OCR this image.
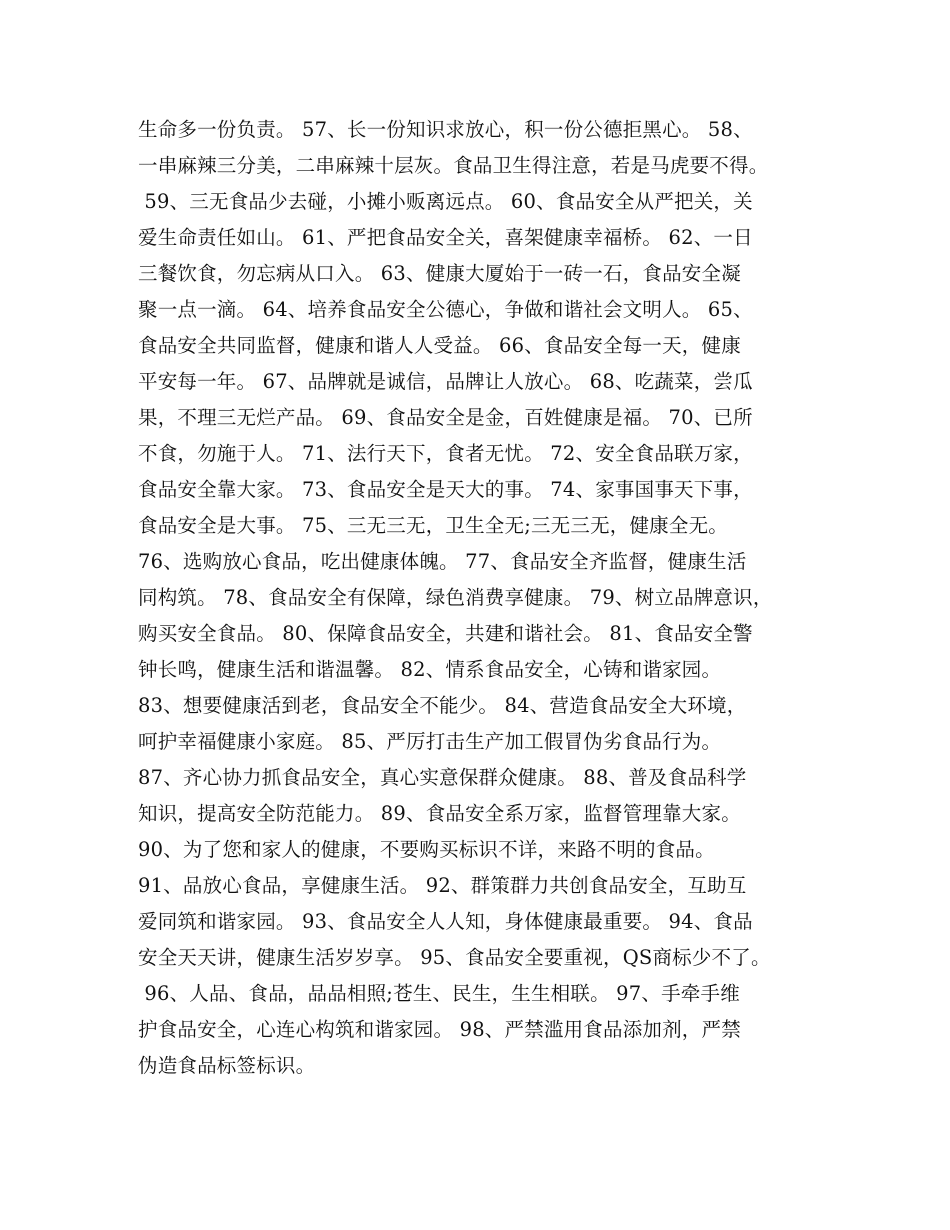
生命多一份负责。 57、长一份知识求放心，积一份公德拒黑心。 58、
一串麻辣三分美，二串麻辣十层灰。食品卫生得注意，若是马虎要不得。
59、三无食品少去碰，小摊小贩离远点。 60、食品安全从严把关，关
爱生命责任如山。 61、严把食品安全关，喜架健康幸福桥。 62、一日
三餐饮食，勿忘病从口入。 63、健康大厦始于一砖一石，食品安全凝
聚一点一滴。 64、培养食品安全公德心，争做和谐社会文明人。 65、
食品安全共同监督，健康和谐人人受益。 66、食品安全每一天，健康
平安每一年。 67、品牌就是诚信，品牌让人放心。 68、吃蔬菜，尝瓜
果，不理三无烂产品。 69、食品安全是金，百姓健康是福。 70、已所
不食，勿施于人。 71、法行天下，食者无忧。 72、安全食品联万家，
食品安全靠大家。 73、食品安全是天大的事。 74、家事国事天下事，
食品安全是大事。 75、三无三无，卫生全无;三无三无，健康全无。
76、选购放心食品，吃出健康体魄。 77、食品安全齐监督，健康生活
同构筑。 78、食品安全有保障，绿色消费享健康。 79、树立品牌意识，
购买安全食品。 80、保障食品安全，共建和谐社会。 81、食品安全警
钟长鸣，健康生活和谐温馨。 82、情系食品安全，心铸和谐家园。
83、想要健康活到老，食品安全不能少。 84、营造食品安全大环境，
呵护幸福健康小家庭。 85、严厉打击生产加工假冒伪劣食品行为。
87、齐心协力抓食品安全，真心实意保群众健康。 88、普及食品科学
知识，提高安全防范能力。 89、食品安全系万家，监督管理靠大家。
90、为了您和家人的健康，不要购买标识不详，来路不明的食品。
91、品放心食品，享健康生活。 92、群策群力共创食品安全，互助互
爱同筑和谐家园。 93、食品安全人人知，身体健康最重要。 94、食品
安全天天讲，健康生活岁岁享。 95、食品安全要重视，QS商标少不了。
96、人品、食品，品品相照;苍生、民生，生生相联。 97、手牵手维
护食品安全，心连心构筑和谐家园。 98、严禁滥用食品添加剂，严禁
伪造食品标签标识。
